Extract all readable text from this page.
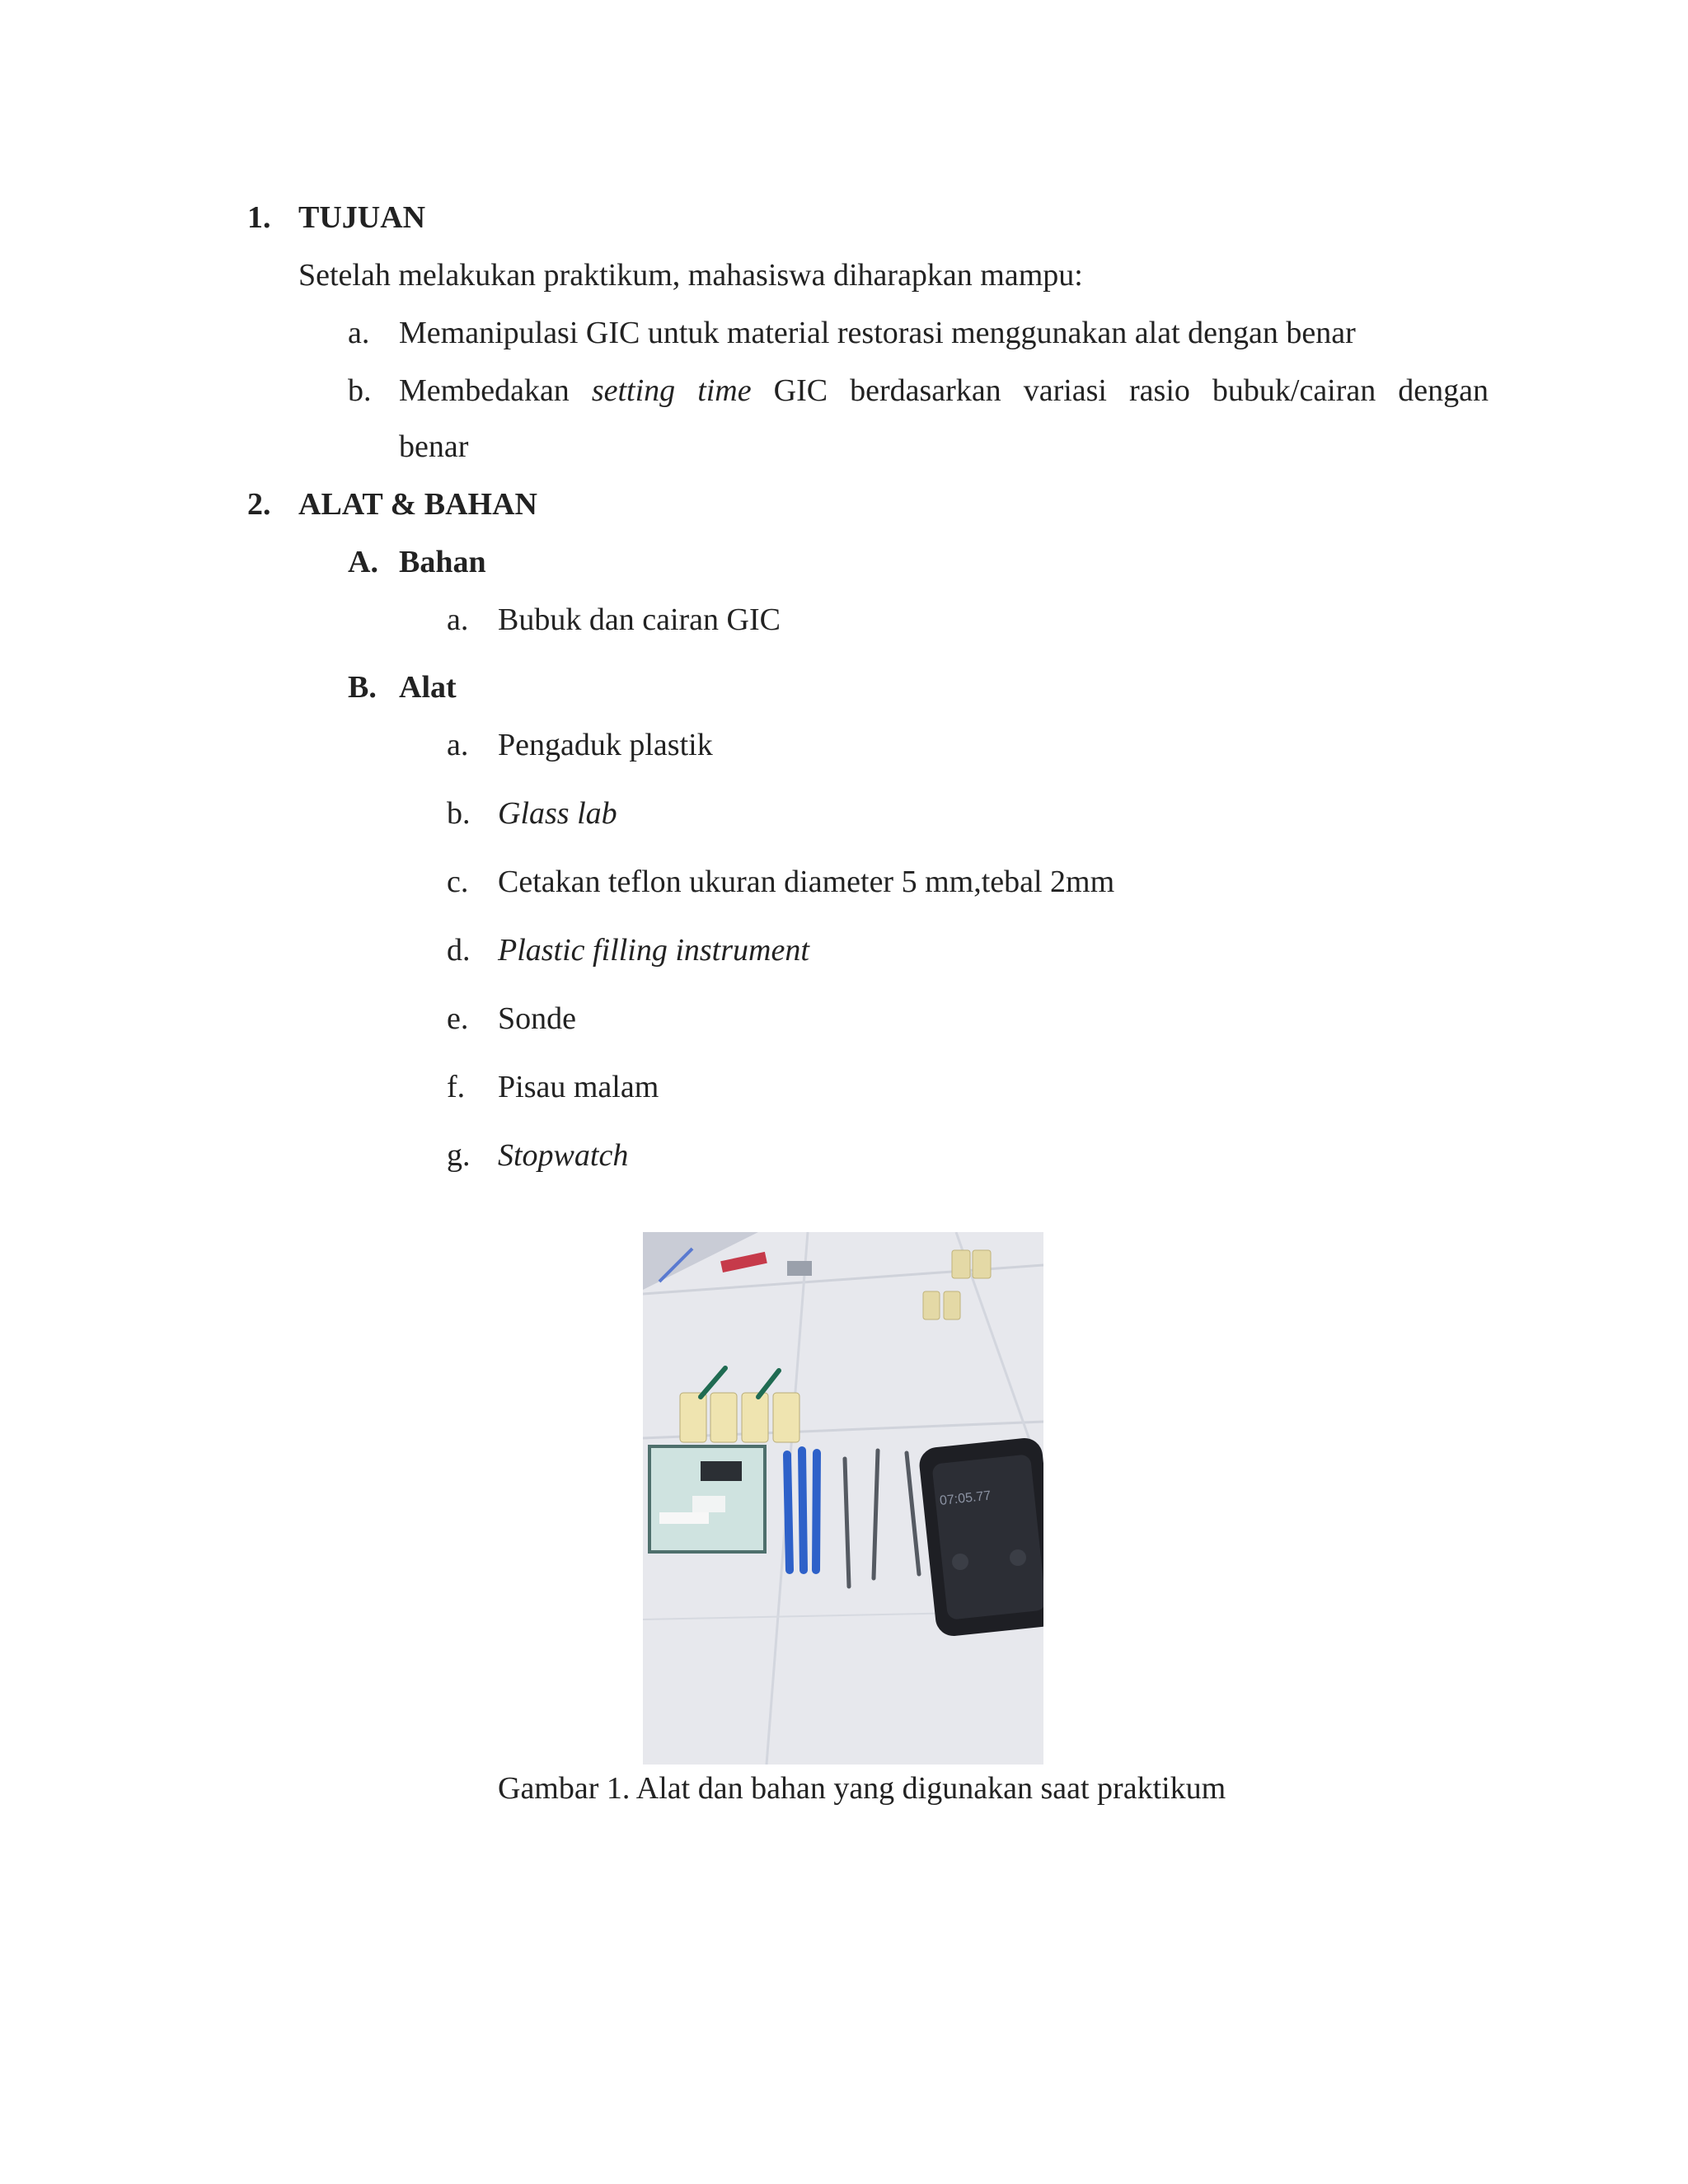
1. TUJUAN
Setelah melakukan praktikum, mahasiswa diharapkan mampu:
a. Memanipulasi GIC untuk material restorasi menggunakan alat dengan benar
b. Membedakan setting time GIC berdasarkan variasi rasio bubuk/cairan dengan
benar
2. ALAT & BAHAN
A. Bahan
a. Bubuk dan cairan GIC
B. Alat
a. Pengaduk plastik
b. Glass lab
c. Cetakan teflon ukuran diameter 5 mm,tebal 2mm
d. Plastic filling instrument
e. Sonde
f. Pisau malam
g. Stopwatch
07:05.77
Gambar 1. Alat dan bahan yang digunakan saat praktikum
